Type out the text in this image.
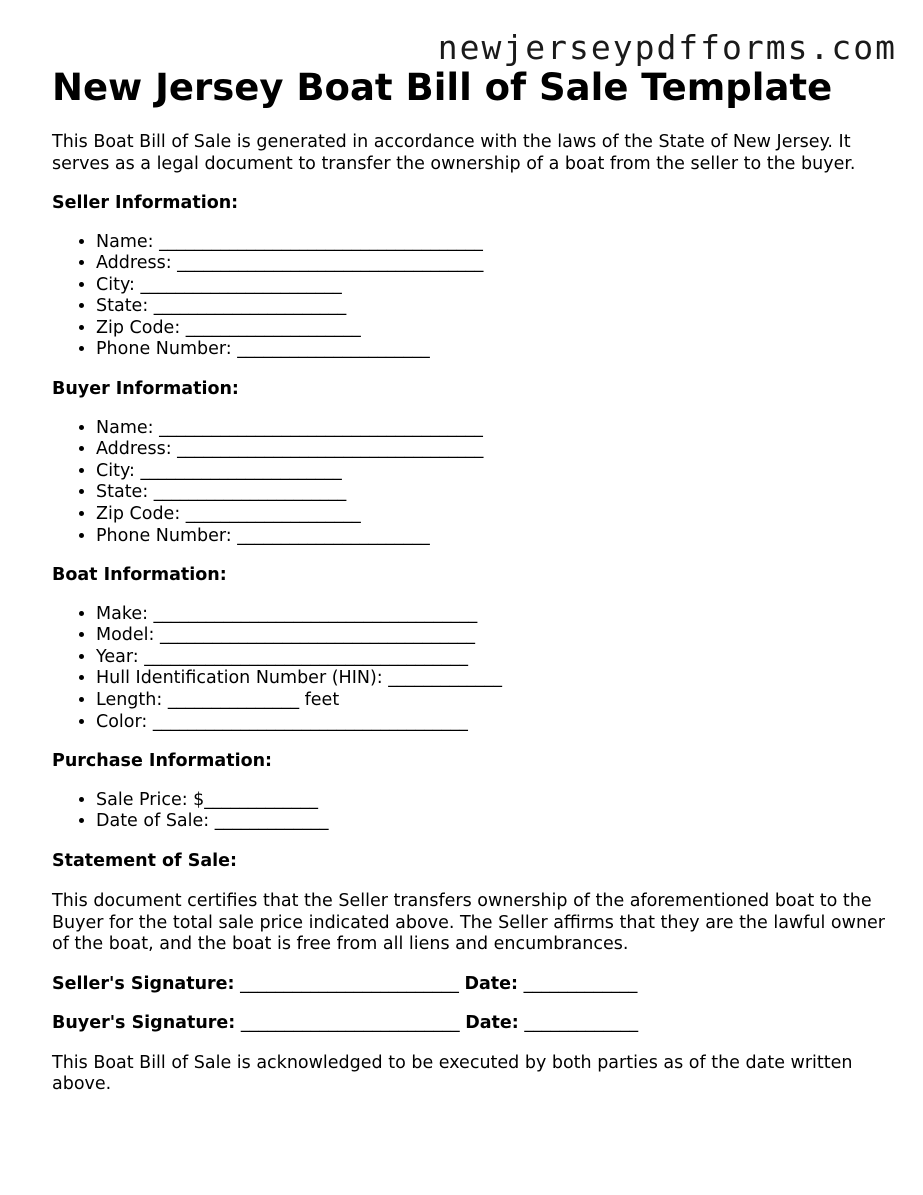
newjerseypdfforms.com
New Jersey Boat Bill of Sale Template

This Boat Bill of Sale is generated in accordance with the laws of the State of New Jersey. It serves as a legal document to transfer the ownership of a boat from the seller to the buyer.

Seller Information:
• Name: _____________________________________
• Address: ___________________________________
• City: _______________________
• State: ______________________
• Zip Code: ____________________
• Phone Number: ______________________
Buyer Information:
• Name: _____________________________________
• Address: ___________________________________
• City: _______________________
• State: ______________________
• Zip Code: ____________________
• Phone Number: ______________________
Boat Information:
• Make: _____________________________________
• Model: ____________________________________
• Year: _____________________________________
• Hull Identification Number (HIN): _____________
• Length: _______________ feet
• Color: ____________________________________
Purchase Information:
• Sale Price: $_____________
• Date of Sale: _____________
Statement of Sale:

This document certifies that the Seller transfers ownership of the aforementioned boat to the Buyer for the total sale price indicated above. The Seller affirms that they are the lawful owner of the boat, and the boat is free from all liens and encumbrances.

Seller's Signature: _________________________ Date: _____________
Buyer's Signature: _________________________ Date: _____________

This Boat Bill of Sale is acknowledged to be executed by both parties as of the date written above.
